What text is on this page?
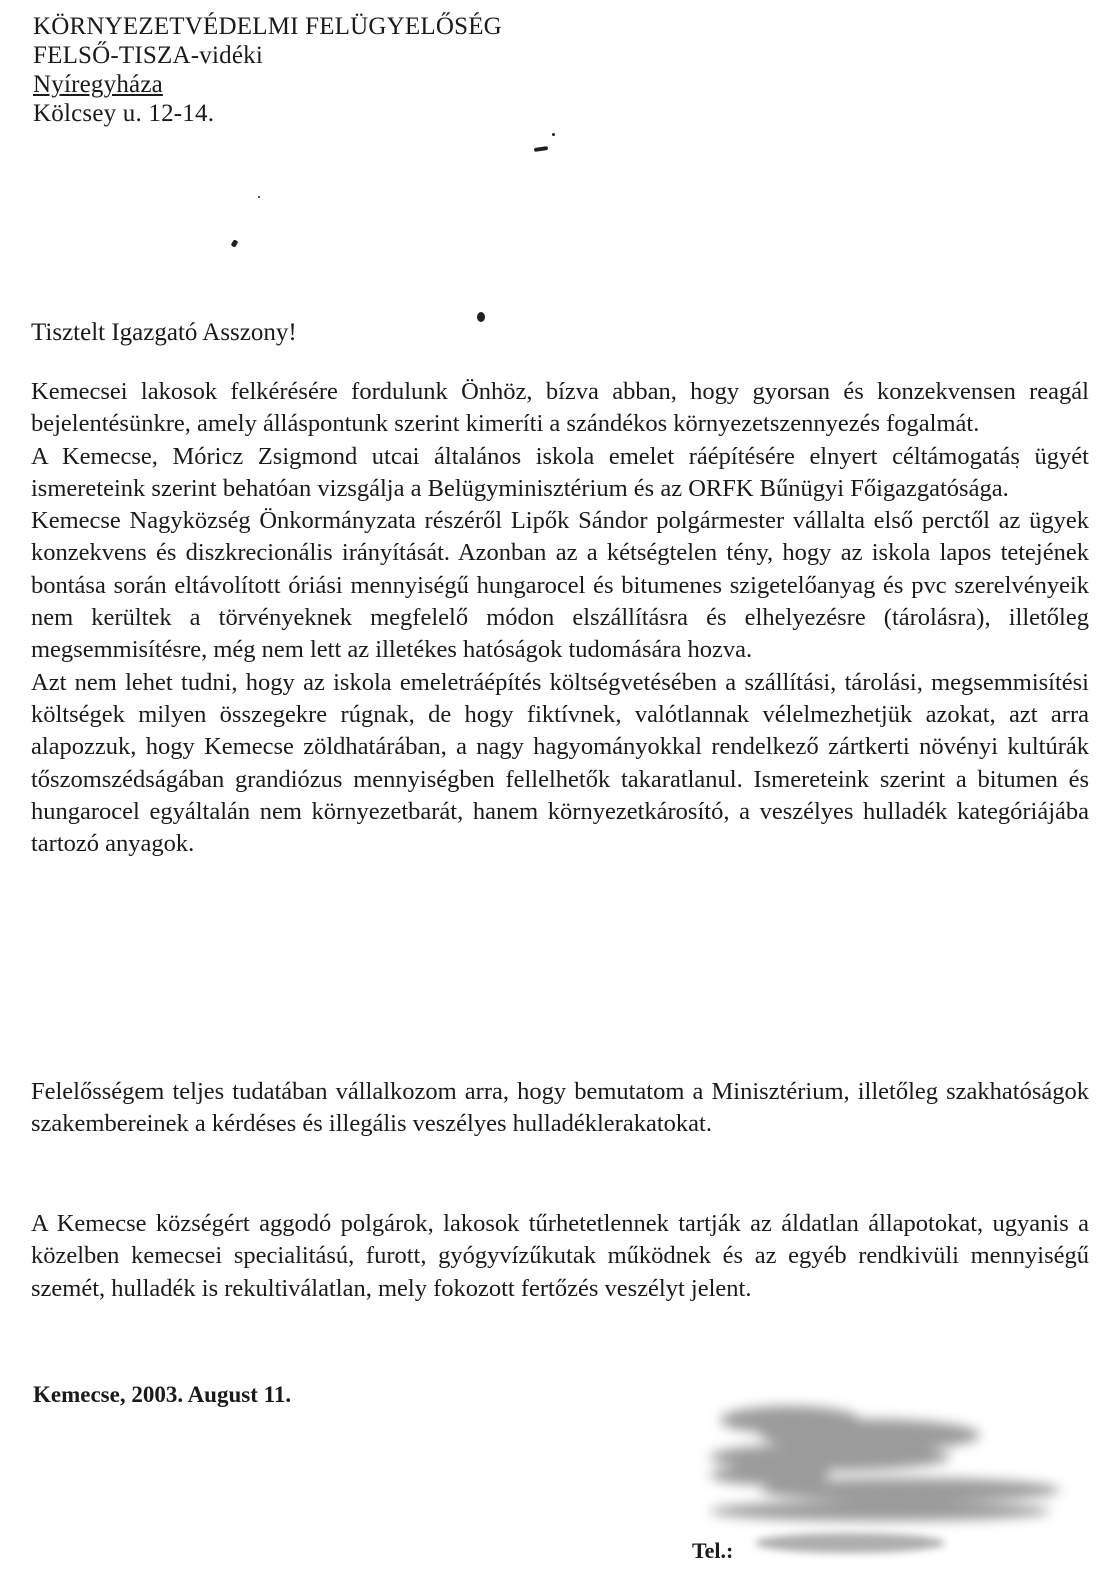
KÖRNYEZETVÉDELMI FELÜGYELŐSÉG
FELSŐ-TISZA-vidéki
Nyíregyháza
Kölcsey u. 12-14.
Tisztelt Igazgató Asszony!

Kemecsei lakosok felkérésére fordulunk Önhöz, bízva abban, hogy gyorsan és konzekvensen reagál bejelentésünkre, amely álláspontunk szerint kimeríti a szándékos környezetszennyezés fogalmát.

A Kemecse, Móricz Zsigmond utcai általános iskola emelet ráépítésére elnyert céltámogatás ügyét ismereteink szerint behatóan vizsgálja a Belügyminisztérium és az ORFK Bűnügyi Főigazgatósága.

Kemecse Nagyközség Önkormányzata részéről Lipők Sándor polgármester vállalta első perctől az ügyek konzekvens és diszkrecionális irányítását. Azonban az a kétségtelen tény, hogy az iskola lapos tetejének bontása során eltávolított óriási mennyiségű hungarocel és bitumenes szigetelőanyag és pvc szerelvényeik nem kerültek a törvényeknek megfelelő módon elszállításra és elhelyezésre (tárolásra), illetőleg megsemmisítésre, még nem lett az illetékes hatóságok tudomására hozva.

Azt nem lehet tudni, hogy az iskola emeletráépítés költségvetésében a szállítási, tárolási, megsemmisítési költségek milyen összegekre rúgnak, de hogy fiktívnek, valótlannak vélelmezhetjük azokat, azt arra alapozzuk, hogy Kemecse zöldhatárában, a nagy hagyományokkal rendelkező zártkerti növényi kultúrák tőszomszédságában grandiózus mennyiségben fellelhetők takaratlanul. Ismereteink szerint a bitumen és hungarocel egyáltalán nem környezetbarát, hanem környezetkárosító, a veszélyes hulladék kategóriájába tartozó anyagok.

Felelősségem teljes tudatában vállalkozom arra, hogy bemutatom a Minisztérium, illetőleg szakhatóságok szakembereinek a kérdéses és illegális veszélyes hulladéklerakatokat.

A Kemecse községért aggodó polgárok, lakosok tűrhetetlennek tartják az áldatlan állapotokat, ugyanis a közelben kemecsei specialitású, furott, gyógyvízűkutak működnek és az egyéb rendkivüli mennyiségű szemét, hulladék is rekultiválatlan, mely fokozott fertőzés veszélyt jelent.

Kemecse, 2003. August 11.
Tel.:
